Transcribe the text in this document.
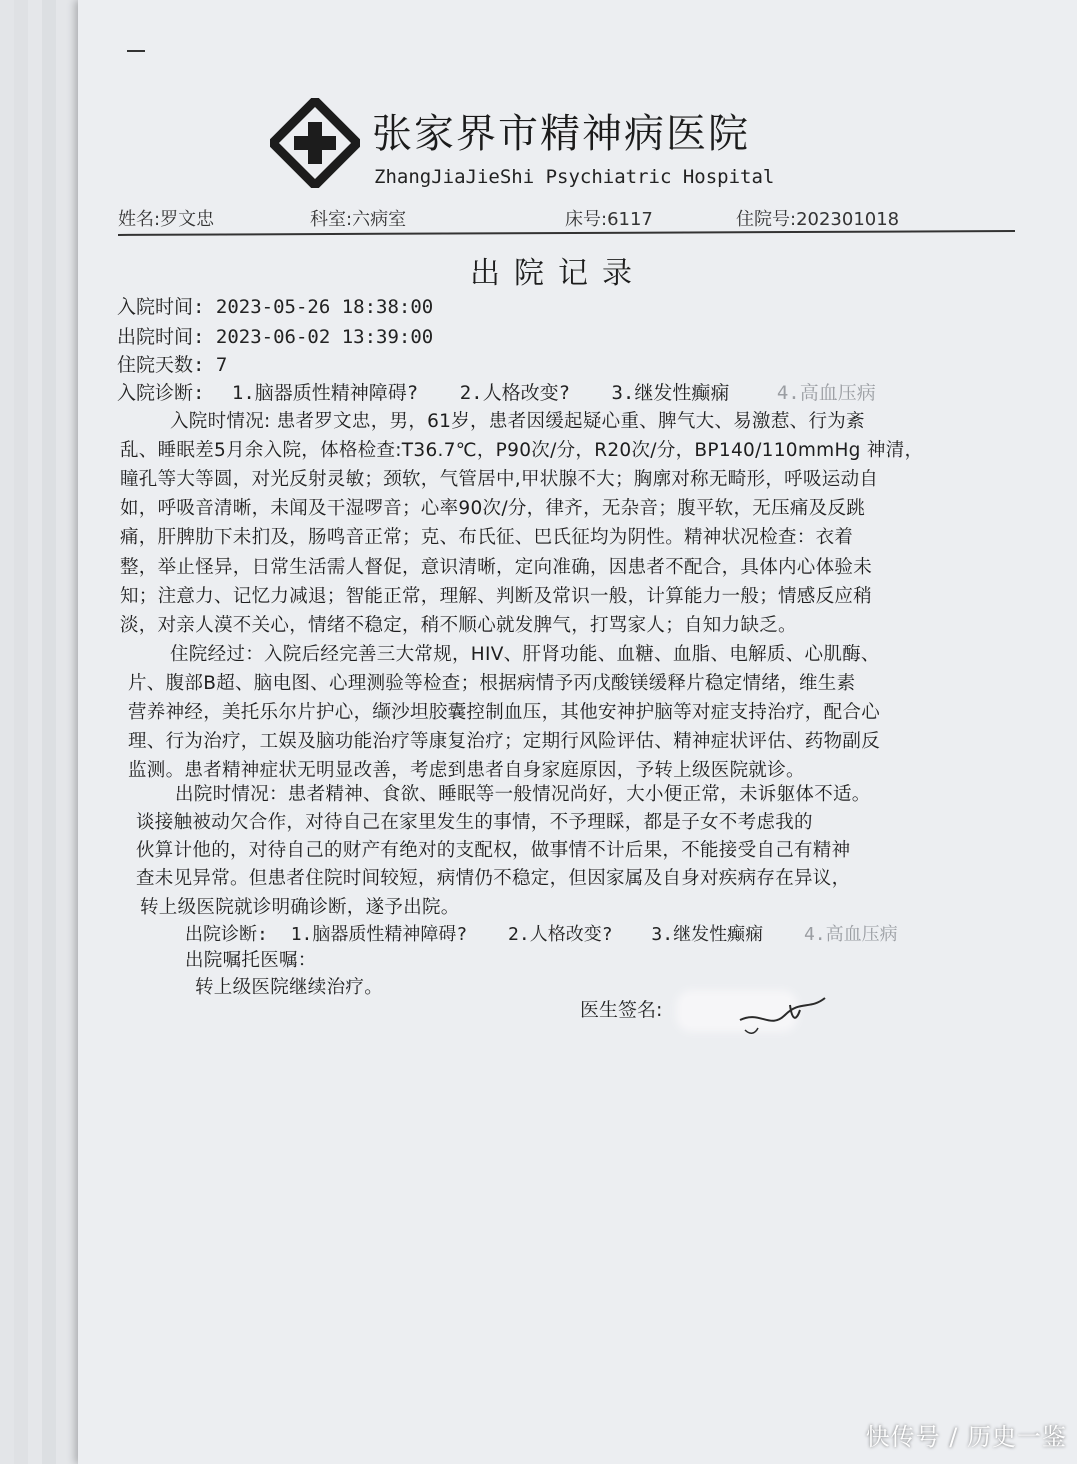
张家界市精神病医院
ZhangJiaJieShi Psychiatric Hospital
姓名:罗文忠	科室:六病室	床号:6117	住院号:202301018
出院记录
入院时间: 2023-05-26 18:38:00
出院时间: 2023-06-02 13:39:00
住院天数: 7
入院诊断: 1.脑器质性精神障碍? 2.人格改变? 3.继发性癫痫 4.高血压病
入院时情况: 患者罗文忠，男，61岁，患者因缓起疑心重、脾气大、易激惹、行为紊
乱、睡眠差5月余入院，体格检查:T36.7℃，P90次/分，R20次/分，BP140/110mmHg 神清，
瞳孔等大等圆，对光反射灵敏；颈软，气管居中,甲状腺不大；胸廓对称无畸形，呼吸运动自
如，呼吸音清晰，未闻及干湿啰音；心率90次/分，律齐，无杂音；腹平软，无压痛及反跳
痛，肝脾肋下未扪及，肠鸣音正常；克、布氏征、巴氏征均为阴性。精神状况检查：衣着
整，举止怪异，日常生活需人督促，意识清晰，定向准确，因患者不配合，具体内心体验未
知；注意力、记忆力减退；智能正常，理解、判断及常识一般，计算能力一般；情感反应稍
淡，对亲人漠不关心，情绪不稳定，稍不顺心就发脾气，打骂家人；自知力缺乏。
住院经过：入院后经完善三大常规，HIV、肝肾功能、血糖、血脂、电解质、心肌酶、
片、腹部B超、脑电图、心理测验等检查；根据病情予丙戊酸镁缓释片稳定情绪，维生素
营养神经，美托乐尔片护心，缬沙坦胶囊控制血压，其他安神护脑等对症支持治疗，配合心
理、行为治疗，工娱及脑功能治疗等康复治疗；定期行风险评估、精神症状评估、药物副反
监测。患者精神症状无明显改善，考虑到患者自身家庭原因，予转上级医院就诊。
出院时情况：患者精神、食欲、睡眠等一般情况尚好，大小便正常，未诉躯体不适。
谈接触被动欠合作，对待自己在家里发生的事情，不予理睬，都是子女不考虑我的
伙算计他的，对待自己的财产有绝对的支配权，做事情不计后果，不能接受自己有精神
查未见异常。但患者住院时间较短，病情仍不稳定，但因家属及自身对疾病存在异议，
转上级医院就诊明确诊断，遂予出院。
出院诊断: 1.脑器质性精神障碍? 2.人格改变? 3.继发性癫痫 4.高血压病
出院嘱托医嘱：
转上级医院继续治疗。
医生签名:
快传号 / 历史一鉴
